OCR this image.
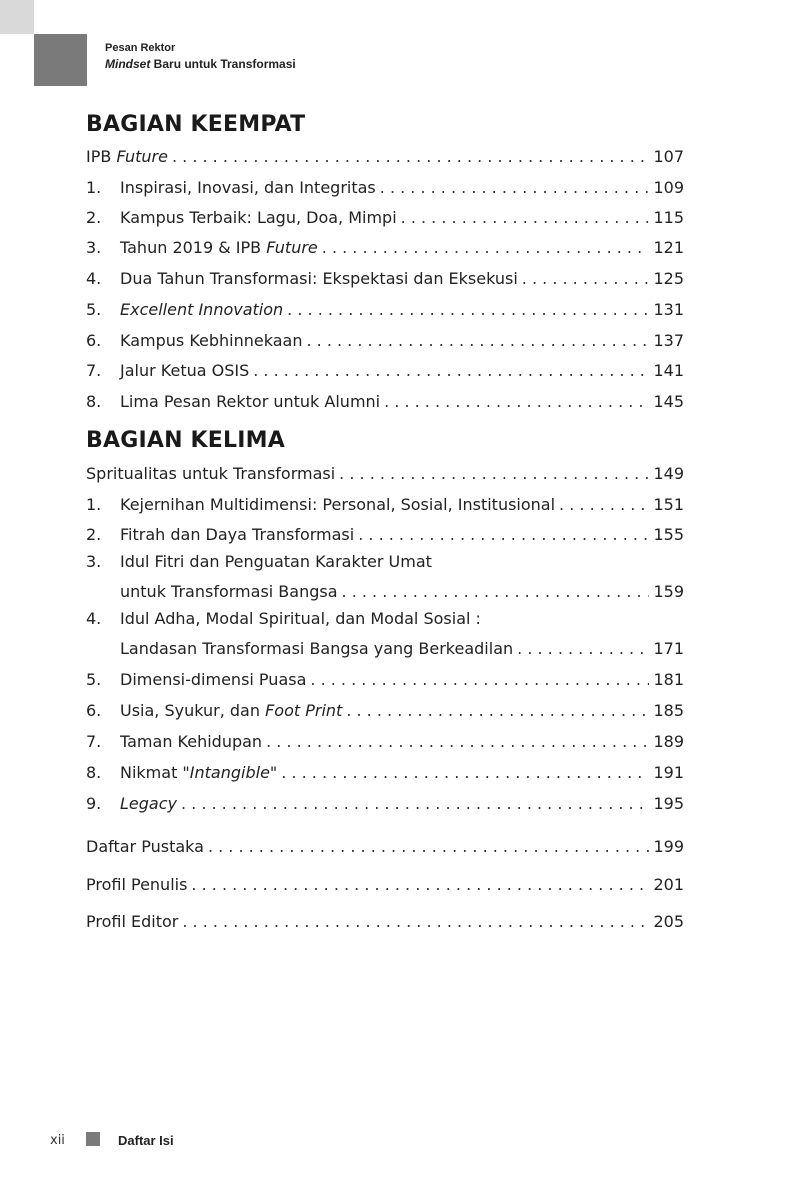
Pesan Rektor
Mindset Baru untuk Transformasi
BAGIAN KEEMPAT
IPB Future . . .	107
1.	Inspirasi, Inovasi, dan Integritas . . .	109
2.	Kampus Terbaik: Lagu, Doa, Mimpi . . .	115
3.	Tahun 2019 & IPB Future . . .	121
4.	Dua Tahun Transformasi: Ekspektasi dan Eksekusi . . .	125
5.	Excellent Innovation . . .	131
6.	Kampus Kebhinnekaan . . .	137
7.	Jalur Ketua OSIS . . .	141
8.	Lima Pesan Rektor untuk Alumni . . .	145
BAGIAN KELIMA
Spritualitas untuk Transformasi . . .	149
1.	Kejernihan Multidimensi: Personal, Sosial, Institusional . . .	151
2.	Fitrah dan Daya Transformasi . . .	155
3. Idul Fitri dan Penguatan Karakter Umat
untuk Transformasi Bangsa . . .	159
4. Idul Adha, Modal Spiritual, dan Modal Sosial :
Landasan Transformasi Bangsa yang Berkeadilan . . .	171
5.	Dimensi-dimensi Puasa . . .	181
6.	Usia, Syukur, dan Foot Print . . .	185
7.	Taman Kehidupan . . .	189
8.	Nikmat "Intangible" . . .	191
9.	Legacy . . .	195
Daftar Pustaka . . .	199
Profil Penulis . . .	201
Profil Editor . . .	205
xii	Daftar Isi
